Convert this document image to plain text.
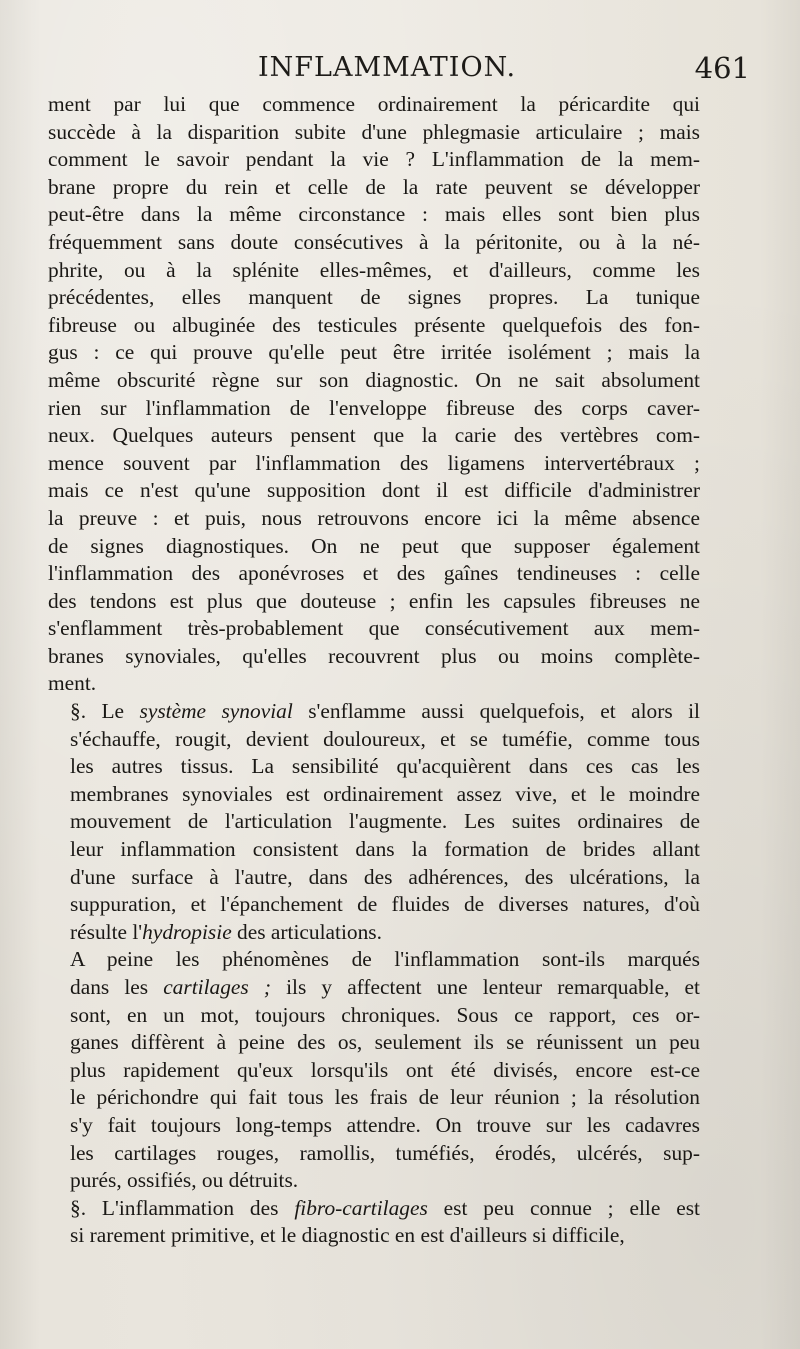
INFLAMMATION.	461
ment par lui que commence ordinairement la péricardite qui
succède à la disparition subite d'une phlegmasie articulaire ; mais
comment le savoir pendant la vie ? L'inflammation de la mem-
brane propre du rein et celle de la rate peuvent se développer
peut-être dans la même circonstance : mais elles sont bien plus
fréquemment sans doute consécutives à la péritonite, ou à la né-
phrite, ou à la splénite elles-mêmes, et d'ailleurs, comme les
précédentes, elles manquent de signes propres. La tunique
fibreuse ou albuginée des testicules présente quelquefois des fon-
gus : ce qui prouve qu'elle peut être irritée isolément ; mais la
même obscurité règne sur son diagnostic. On ne sait absolument
rien sur l'inflammation de l'enveloppe fibreuse des corps caver-
neux. Quelques auteurs pensent que la carie des vertèbres com-
mence souvent par l'inflammation des ligamens intervertébraux ;
mais ce n'est qu'une supposition dont il est difficile d'administrer
la preuve : et puis, nous retrouvons encore ici la même absence
de signes diagnostiques. On ne peut que supposer également
l'inflammation des aponévroses et des gaînes tendineuses : celle
des tendons est plus que douteuse ; enfin les capsules fibreuses ne
s'enflamment très-probablement que consécutivement aux mem-
branes synoviales, qu'elles recouvrent plus ou moins complète-
ment.
§. Le système synovial s'enflamme aussi quelquefois, et alors il
s'échauffe, rougit, devient douloureux, et se tuméfie, comme tous
les autres tissus. La sensibilité qu'acquièrent dans ces cas les
membranes synoviales est ordinairement assez vive, et le moindre
mouvement de l'articulation l'augmente. Les suites ordinaires de
leur inflammation consistent dans la formation de brides allant
d'une surface à l'autre, dans des adhérences, des ulcérations, la
suppuration, et l'épanchement de fluides de diverses natures, d'où
résulte l'hydropisie des articulations.
A peine les phénomènes de l'inflammation sont-ils marqués
dans les cartilages ; ils y affectent une lenteur remarquable, et
sont, en un mot, toujours chroniques. Sous ce rapport, ces or-
ganes diffèrent à peine des os, seulement ils se réunissent un peu
plus rapidement qu'eux lorsqu'ils ont été divisés, encore est-ce
le périchondre qui fait tous les frais de leur réunion ; la résolution
s'y fait toujours long-temps attendre. On trouve sur les cadavres
les cartilages rouges, ramollis, tuméfiés, érodés, ulcérés, sup-
purés, ossifiés, ou détruits.
§. L'inflammation des fibro-cartilages est peu connue ; elle est
si rarement primitive, et le diagnostic en est d'ailleurs si difficile,
